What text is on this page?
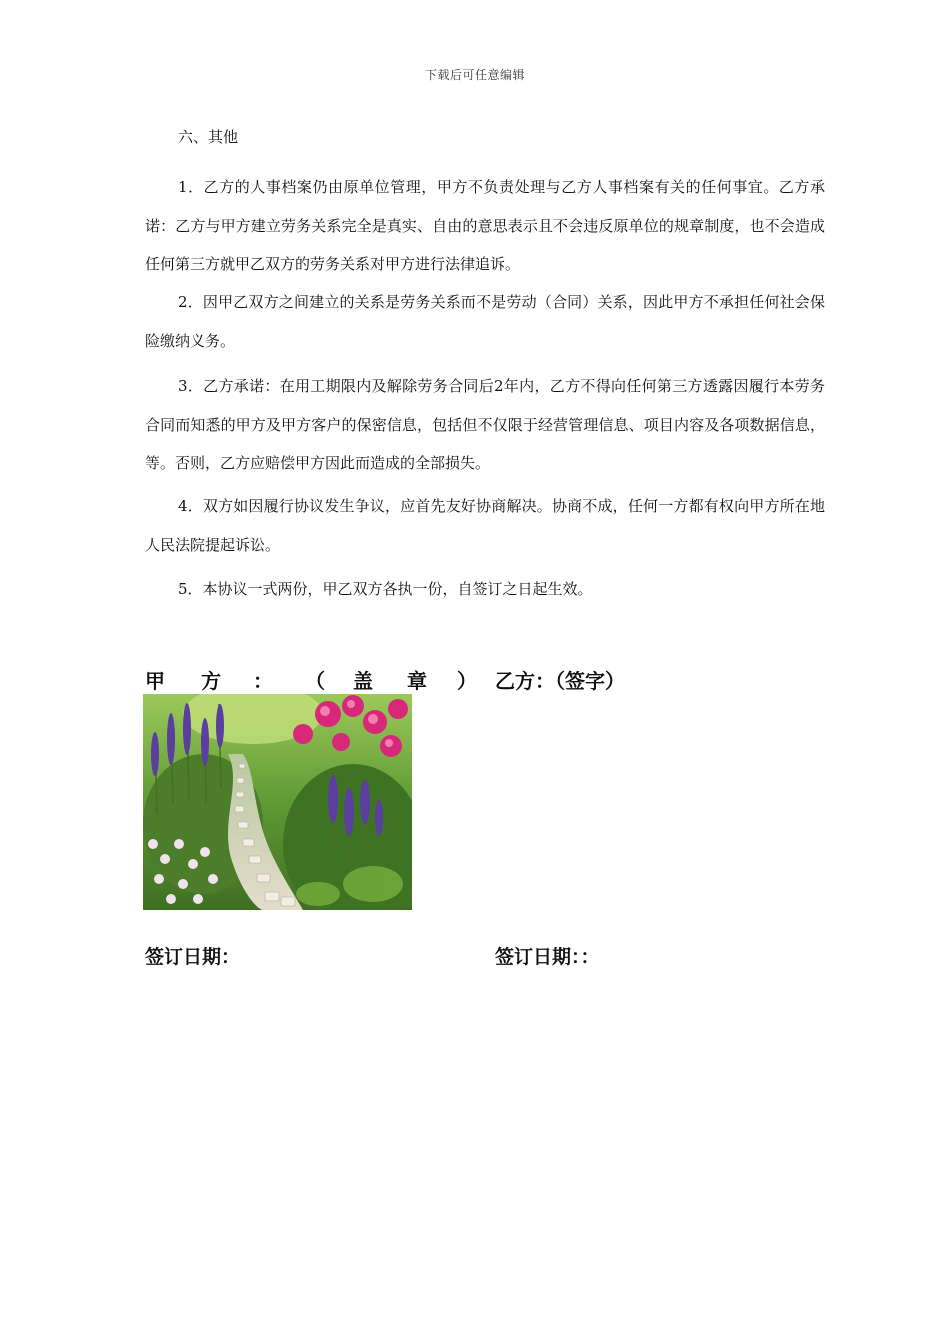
下载后可任意编辑
六、其他

1．乙方的人事档案仍由原单位管理，甲方不负责处理与乙方人事档案有关的任何事宜。乙方承诺：乙方与甲方建立劳务关系完全是真实、自由的意思表示且不会违反原单位的规章制度，也不会造成任何第三方就甲乙双方的劳务关系对甲方进行法律追诉。

2．因甲乙双方之间建立的关系是劳务关系而不是劳动（合同）关系，因此甲方不承担任何社会保险缴纳义务。

3．乙方承诺：在用工期限内及解除劳务合同后2年内，乙方不得向任何第三方透露因履行本劳务合同而知悉的甲方及甲方客户的保密信息，包括但不仅限于经营管理信息、项目内容及各项数据信息，等。否则，乙方应赔偿甲方因此而造成的全部损失。

4．双方如因履行协议发生争议，应首先友好协商解决。协商不成，任何一方都有权向甲方所在地人民法院提起诉讼。

5．本协议一式两份，甲乙双方各执一份，自签订之日起生效。

甲 方 ： （ 盖 章 ） 乙方：（签字）
签订日期：	签订日期：：
